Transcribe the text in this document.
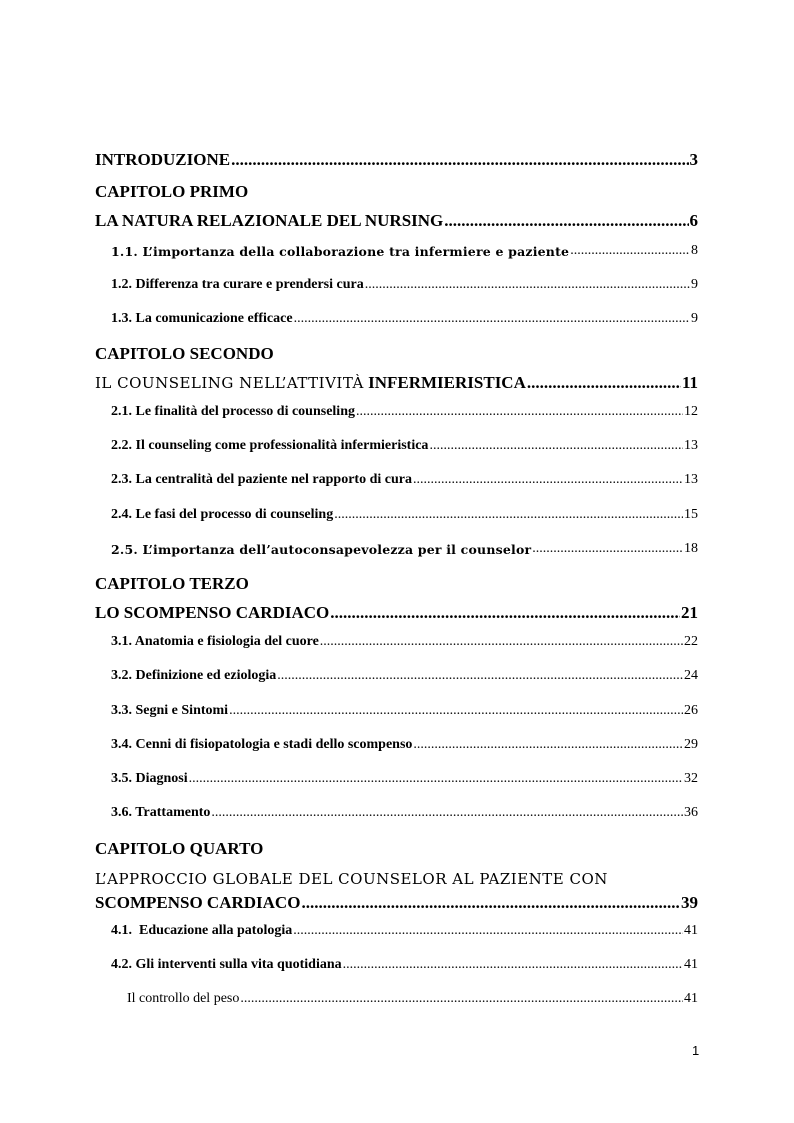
INTRODUZIONE .....	3
CAPITOLO PRIMO
LA NATURA RELAZIONALE DEL NURSING .....	6
1.1. L’importanza della collaborazione tra infermiere e paziente .....	8
1.2. Differenza tra curare e prendersi cura .....	9
1.3. La comunicazione efficace .....	9
CAPITOLO SECONDO
IL COUNSELING NELL’ATTIVITÀ INFERMIERISTICA .....	11
2.1. Le finalità del processo di counseling .....	12
2.2. Il counseling come professionalità infermieristica .....	13
2.3. La centralità del paziente nel rapporto di cura .....	13
2.4. Le fasi del processo di counseling .....	15
2.5. L’importanza dell’autoconsapevolezza per il counselor .....	18
CAPITOLO TERZO
LO SCOMPENSO CARDIACO .....	21
3.1. Anatomia e fisiologia del cuore .....	22
3.2. Definizione ed eziologia .....	24
3.3. Segni e Sintomi .....	26
3.4. Cenni di fisiopatologia e stadi dello scompenso .....	29
3.5. Diagnosi .....	32
3.6. Trattamento .....	36
CAPITOLO QUARTO
L’APPROCCIO GLOBALE DEL COUNSELOR AL PAZIENTE CON
SCOMPENSO CARDIACO .....	39
4.1.  Educazione alla patologia .....	41
4.2. Gli interventi sulla vita quotidiana .....	41
Il controllo del peso .....	41
1
